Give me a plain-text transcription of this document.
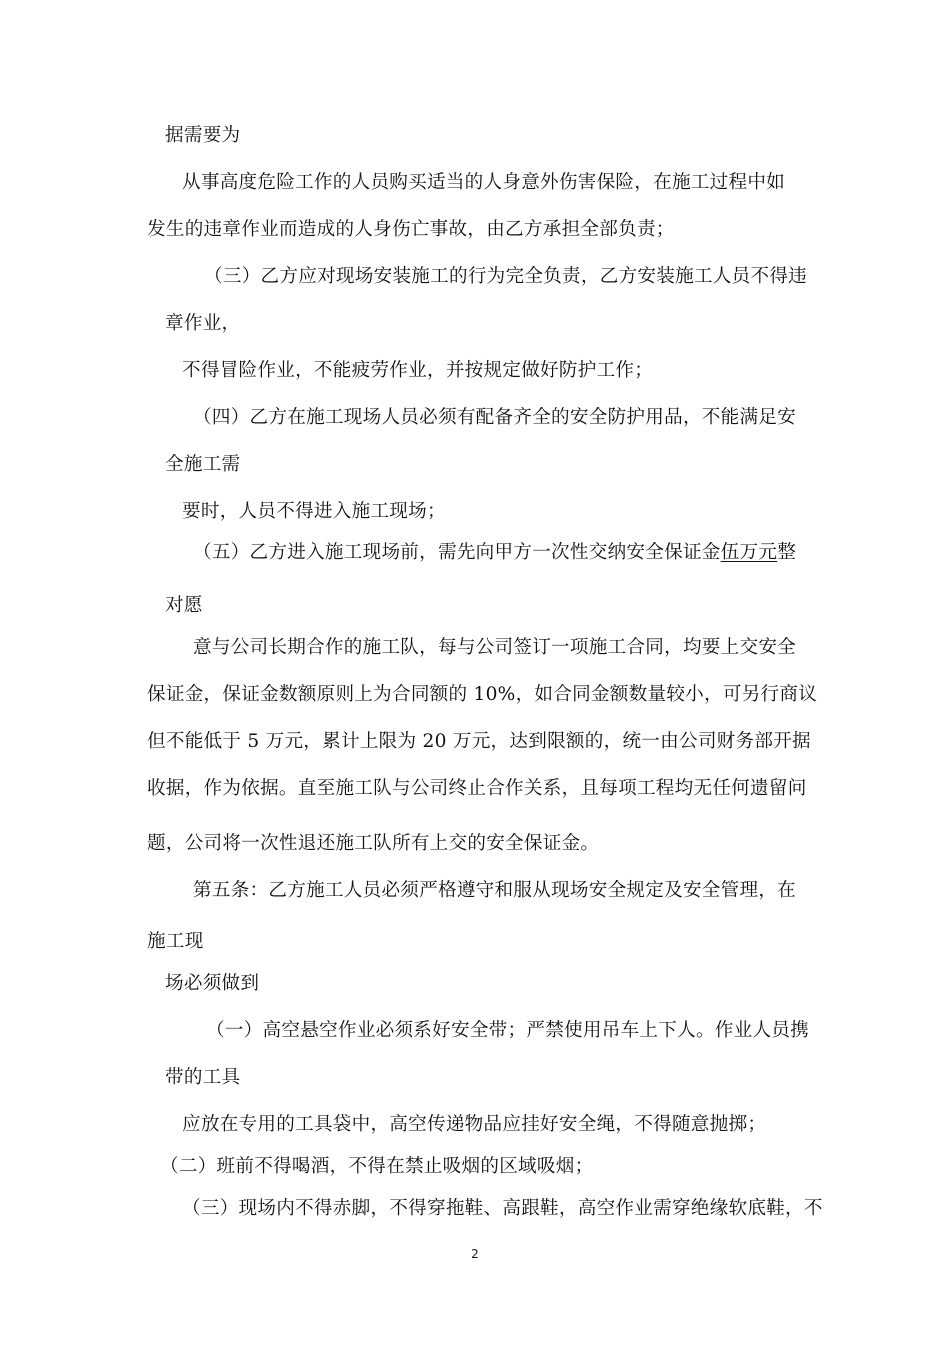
据需要为
从事高度危险工作的人员购买适当的人身意外伤害保险，在施工过程中如
发生的违章作业而造成的人身伤亡事故，由乙方承担全部负责；
（三）乙方应对现场安装施工的行为完全负责，乙方安装施工人员不得违
章作业，
不得冒险作业，不能疲劳作业，并按规定做好防护工作；
（四）乙方在施工现场人员必须有配备齐全的安全防护用品，不能满足安
全施工需
要时，人员不得进入施工现场；
（五）乙方进入施工现场前，需先向甲方一次性交纳安全保证金伍万元整
对愿
意与公司长期合作的施工队，每与公司签订一项施工合同，均要上交安全
保证金，保证金数额原则上为合同额的 10%，如合同金额数量较小，可另行商议
但不能低于 5 万元，累计上限为 20 万元，达到限额的，统一由公司财务部开据
收据，作为依据。直至施工队与公司终止合作关系，且每项工程均无任何遗留问
题，公司将一次性退还施工队所有上交的安全保证金。
第五条：乙方施工人员必须严格遵守和服从现场安全规定及安全管理，在
施工现
场必须做到
（一）高空悬空作业必须系好安全带；严禁使用吊车上下人。作业人员携
带的工具
应放在专用的工具袋中，高空传递物品应挂好安全绳，不得随意抛掷；
（二）班前不得喝酒，不得在禁止吸烟的区域吸烟；
（三）现场内不得赤脚，不得穿拖鞋、高跟鞋，高空作业需穿绝缘软底鞋，不
2
